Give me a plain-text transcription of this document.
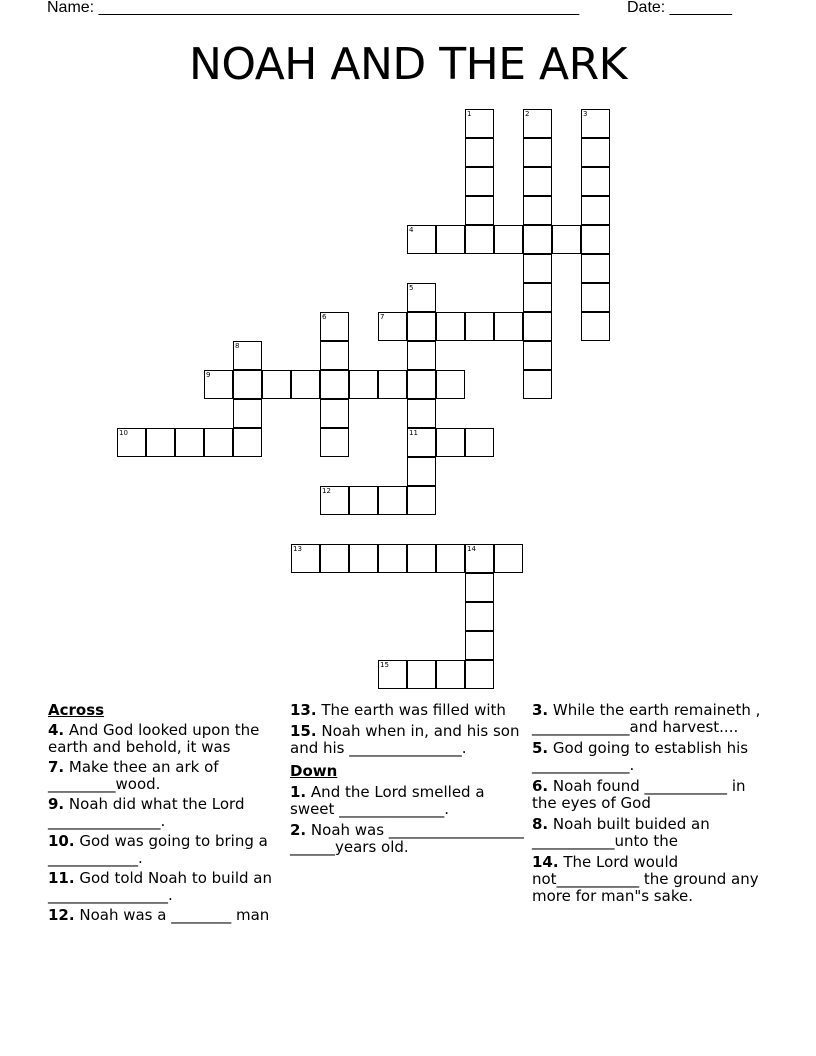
Name: ______________________________________________________	Date: _______
NOAH AND THE ARK
1	2	3
4
5
11
6	7
8
9
10
12
13	14
15
Across
4. And God looked upon the earth and behold, it was
7. Make thee an ark of _________wood.
9. Noah did what the Lord _______________.
10. God was going to bring a ____________.
11. God told Noah to build an ________________.
12. Noah was a ________ man
13. The earth was filled with
15. Noah when in, and his son and his _______________.
Down
1. And the Lord smelled a sweet ______________.
2. Noah was ________________________years old.
3. While the earth remaineth , _____________and harvest....
5. God going to establish his _____________.
6. Noah found ___________ in the eyes of God
8. Noah built buided an ___________unto the
14. The Lord would not___________ the ground any more for man"s sake.
